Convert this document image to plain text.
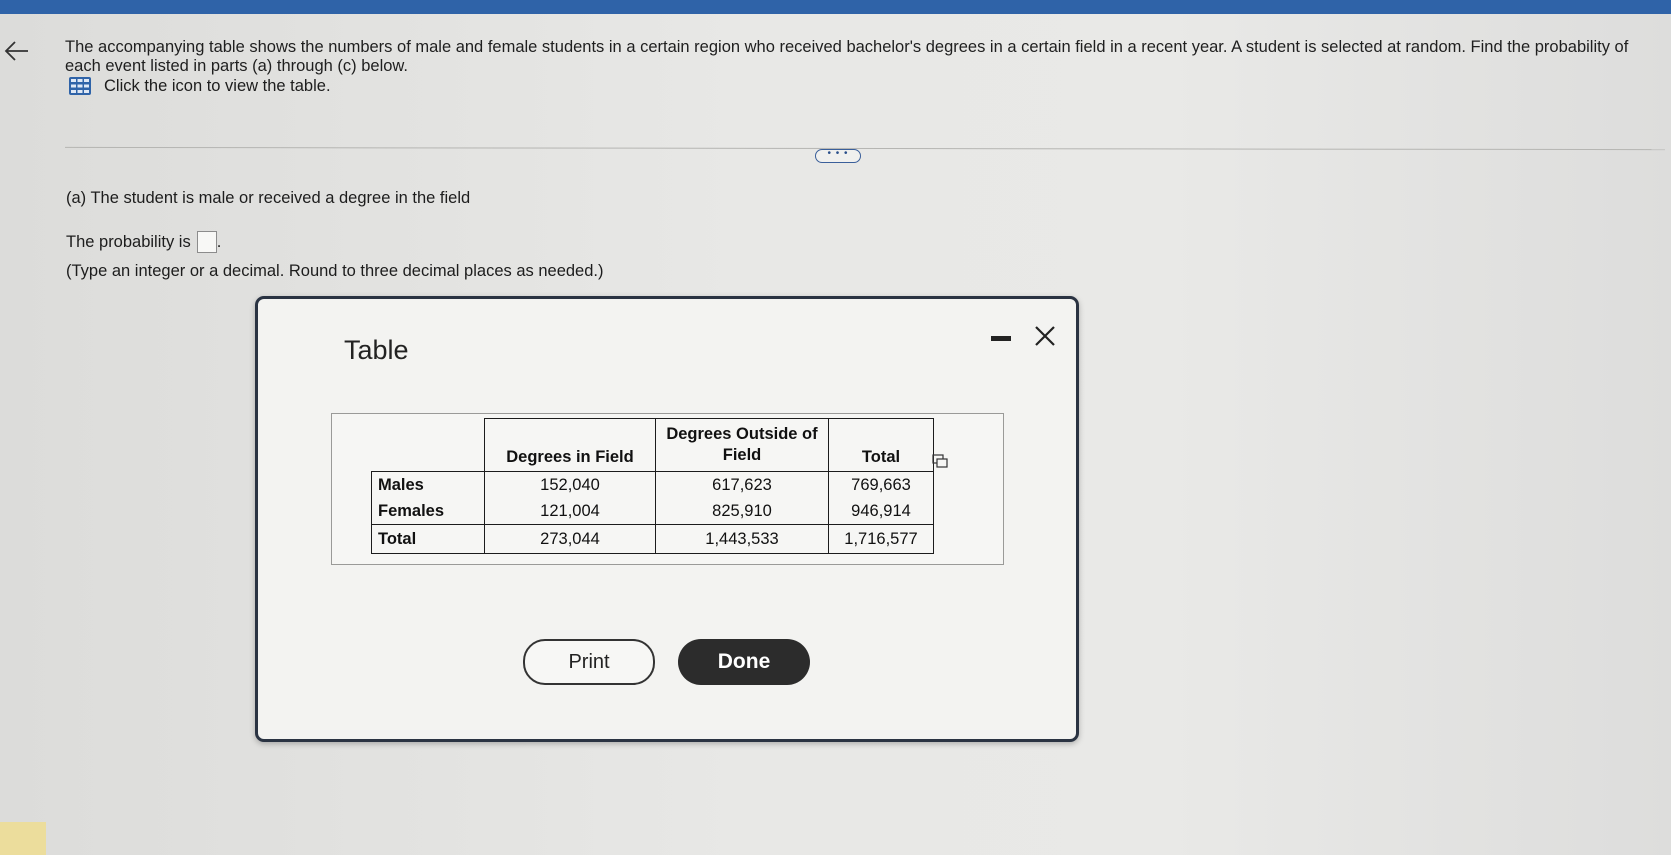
The accompanying table shows the numbers of male and female students in a certain region who received bachelor's degrees in a certain field in a recent year. A student is selected at random. Find the probability of each event listed in parts (a) through (c) below.
Click the icon to view the table.
• • •
(a) The student is male or received a degree in the field
The probability is .
(Type an integer or a decimal. Round to three decimal places as needed.)
Table
	Degrees in Field	Degrees Outside of Field	Total
Males	152,040	617,623	769,663
Females	121,004	825,910	946,914
Total	273,044	1,443,533	1,716,577
Print	Done
